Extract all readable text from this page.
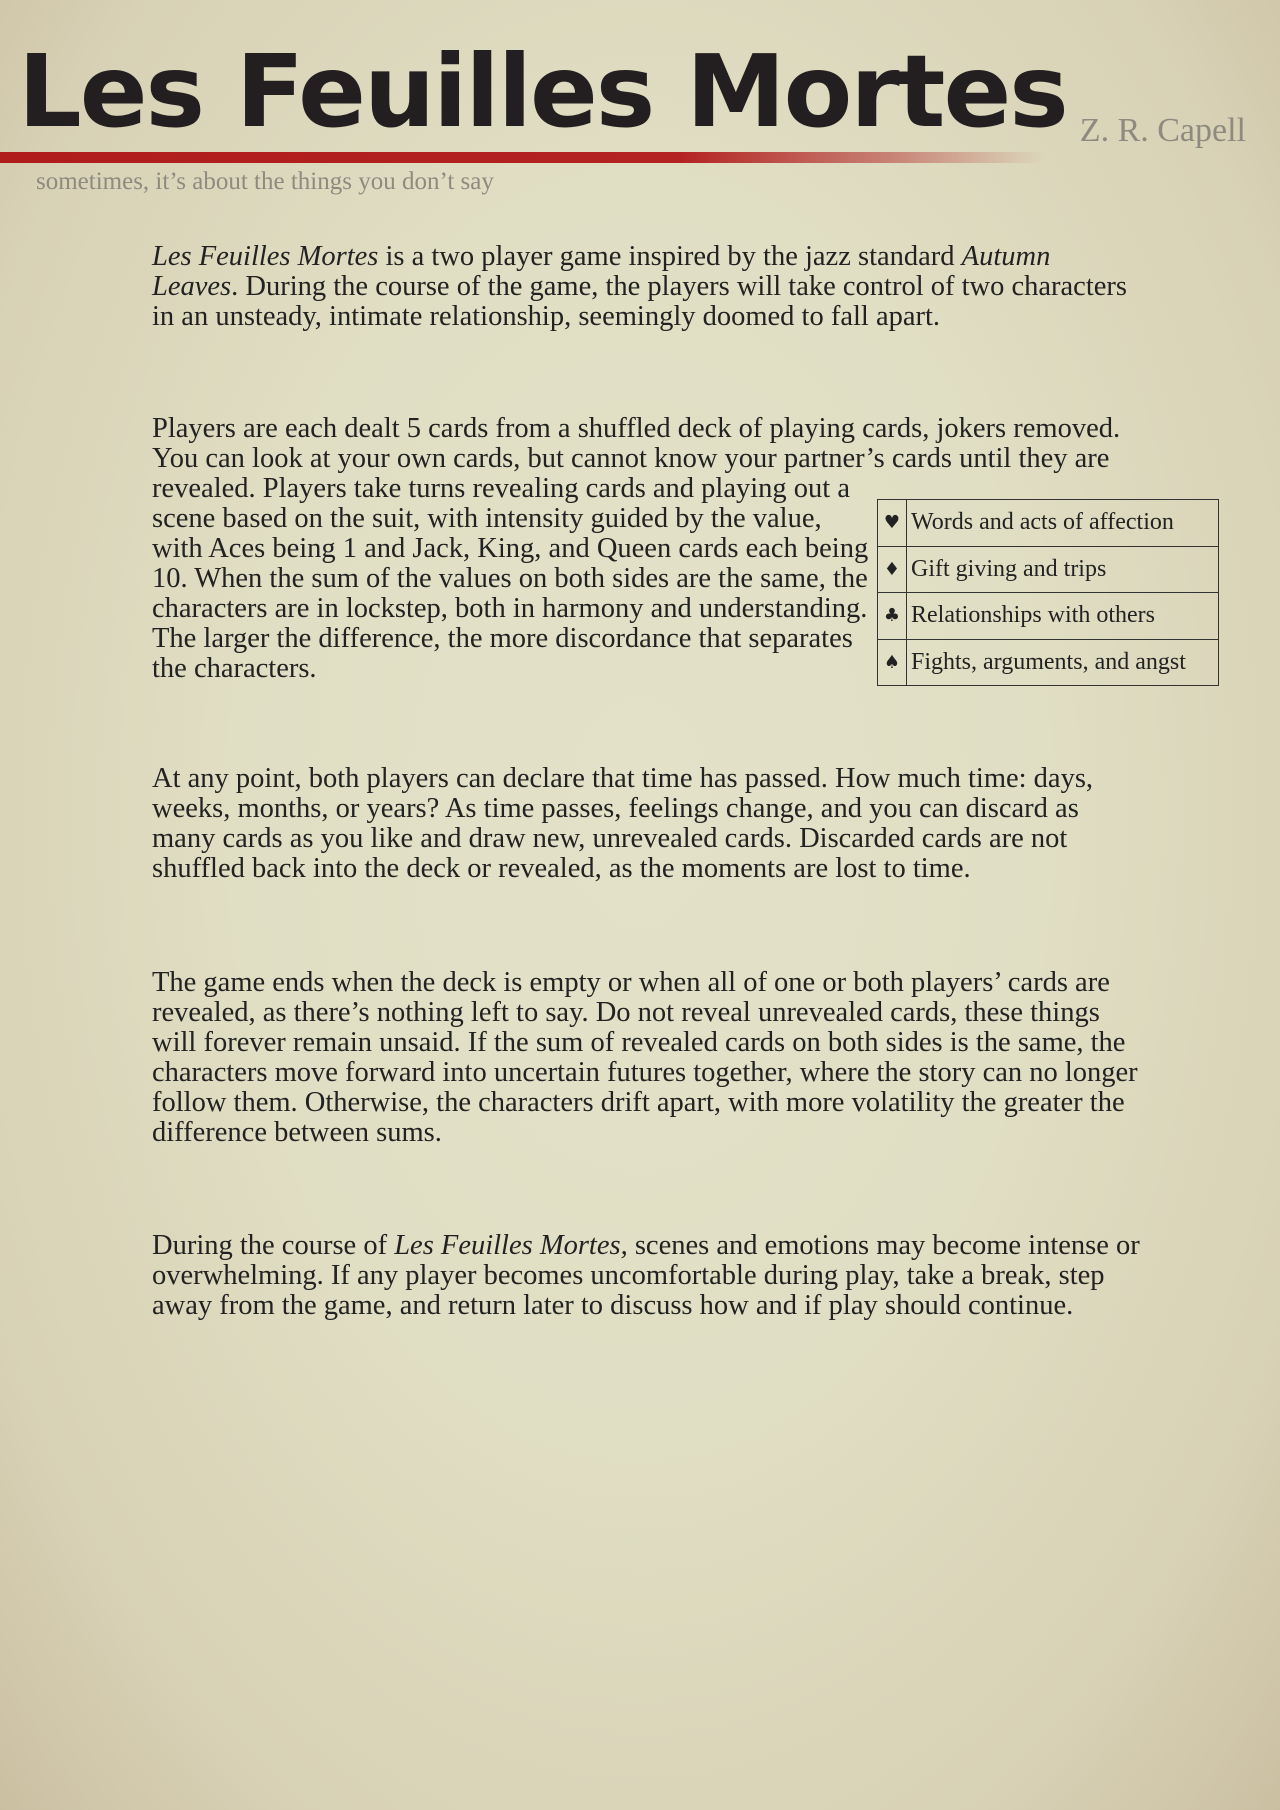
Les Feuilles Mortes Z. R. Capell

sometimes, it’s about the things you don’t say

Les Feuilles Mortes is a two player game inspired by the jazz standard Autumn Leaves. During the course of the game, the players will take control of two characters in an unsteady, intimate relationship, seemingly doomed to fall apart.

Players are each dealt 5 cards from a shuffled deck of playing cards, jokers removed. You can look at your own cards, but cannot know your partner’s cards until they are
revealed. Players take turns revealing cards and playing out a scene based on the suit, with intensity guided by the value, with Aces being 1 and Jack, King, and Queen cards each being 10. When the sum of the values on both sides are the same, the characters are in lockstep, both in harmony and understanding. The larger the difference, the more discordance that separates the characters.

♥	Words and acts of affection
♦	Gift giving and trips
♣	Relationships with others
♠	Fights, arguments, and angst

At any point, both players can declare that time has passed. How much time: days, weeks, months, or years? As time passes, feelings change, and you can discard as many cards as you like and draw new, unrevealed cards. Discarded cards are not shuffled back into the deck or revealed, as the moments are lost to time.

The game ends when the deck is empty or when all of one or both players’ cards are revealed, as there’s nothing left to say. Do not reveal unrevealed cards, these things will forever remain unsaid. If the sum of revealed cards on both sides is the same, the characters move forward into uncertain futures together, where the story can no longer follow them. Otherwise, the characters drift apart, with more volatility the greater the difference between sums.

During the course of Les Feuilles Mortes, scenes and emotions may become intense or overwhelming. If any player becomes uncomfortable during play, take a break, step away from the game, and return later to discuss how and if play should continue.
